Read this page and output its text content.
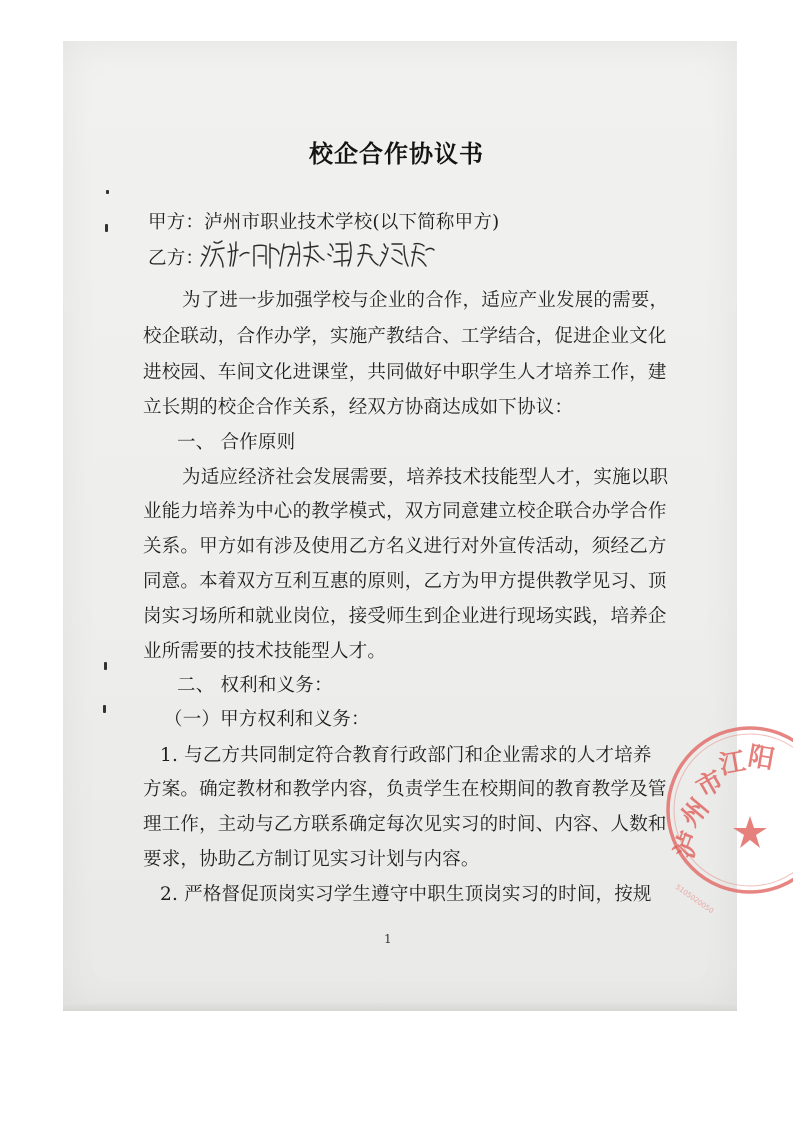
校企合作协议书
甲方：泸州市职业技术学校(以下简称甲方)
乙方：
为了进一步加强学校与企业的合作，适应产业发展的需要，
校企联动，合作办学，实施产教结合、工学结合，促进企业文化
进校园、车间文化进课堂，共同做好中职学生人才培养工作，建
立长期的校企合作关系，经双方协商达成如下协议：
一、 合作原则
为适应经济社会发展需要，培养技术技能型人才，实施以职
业能力培养为中心的教学模式，双方同意建立校企联合办学合作
关系。甲方如有涉及使用乙方名义进行对外宣传活动，须经乙方
同意。本着双方互利互惠的原则，乙方为甲方提供教学见习、顶
岗实习场所和就业岗位，接受师生到企业进行现场实践，培养企
业所需要的技术技能型人才。
二、 权利和义务：
（一）甲方权利和义务：
1. 与乙方共同制定符合教育行政部门和企业需求的人才培养
方案。确定教材和教学内容，负责学生在校期间的教育教学及管
理工作，主动与乙方联系确定每次见实习的时间、内容、人数和
要求，协助乙方制订见实习计划与内容。
2. 严格督促顶岗实习学生遵守中职生顶岗实习的时间，按规
1
泸
州
市
江
阳
5105020050
